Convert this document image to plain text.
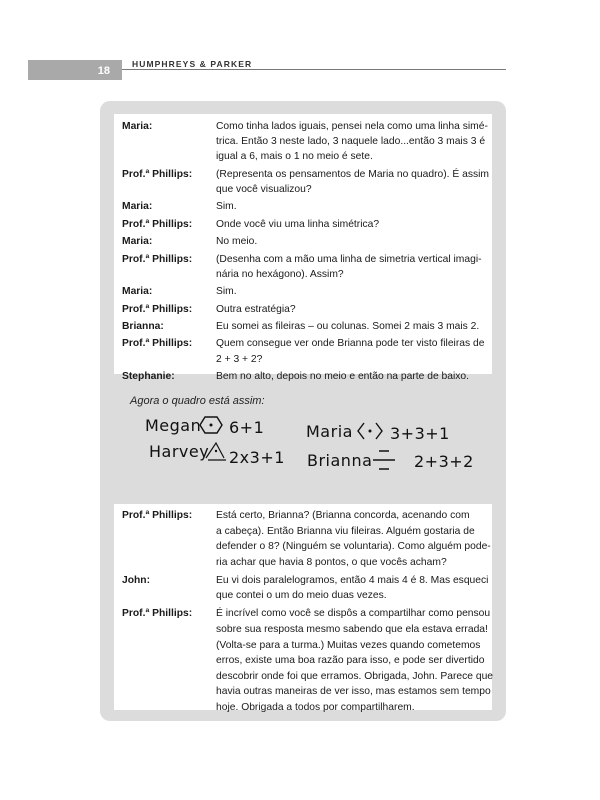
18
HUMPHREYS & PARKER
Maria:	Como tinha lados iguais, pensei nela como uma linha simé-
trica. Então 3 neste lado, 3 naquele lado...então 3 mais 3 é
igual a 6, mais o 1 no meio é sete.
Prof.ª Phillips: (Representa os pensamentos de Maria no quadro). É assim
que você visualizou?
Maria:	Sim.
Prof.ª Phillips: Onde você viu uma linha simétrica?
Maria:	No meio.
Prof.ª Phillips: (Desenha com a mão uma linha de simetria vertical imagi-
nária no hexágono). Assim?
Maria:	Sim.
Prof.ª Phillips: Outra estratégia?
Brianna:	Eu somei as fileiras – ou colunas. Somei 2 mais 3 mais 2.
Prof.ª Phillips: Quem consegue ver onde Brianna pode ter visto fileiras de
2 + 3 + 2?
Stephanie:	Bem no alto, depois no meio e então na parte de baixo.
Agora o quadro está assim:
Megan 6+1
Harvey 2x3+1
Maria 3+3+1
Brianna	2+3+2
Prof.ª Phillips: Está certo, Brianna? (Brianna concorda, acenando com
a cabeça). Então Brianna viu fileiras. Alguém gostaria de
defender o 8? (Ninguém se voluntaria). Como alguém pode-
ria achar que havia 8 pontos, o que vocês acham?
John:	Eu vi dois paralelogramos, então 4 mais 4 é 8. Mas esqueci
que contei o um do meio duas vezes.
Prof.ª Phillips: É incrível como você se dispôs a compartilhar como pensou
sobre sua resposta mesmo sabendo que ela estava errada!
(Volta-se para a turma.) Muitas vezes quando cometemos
erros, existe uma boa razão para isso, e pode ser divertido
descobrir onde foi que erramos. Obrigada, John. Parece que
havia outras maneiras de ver isso, mas estamos sem tempo
hoje. Obrigada a todos por compartilharem.
